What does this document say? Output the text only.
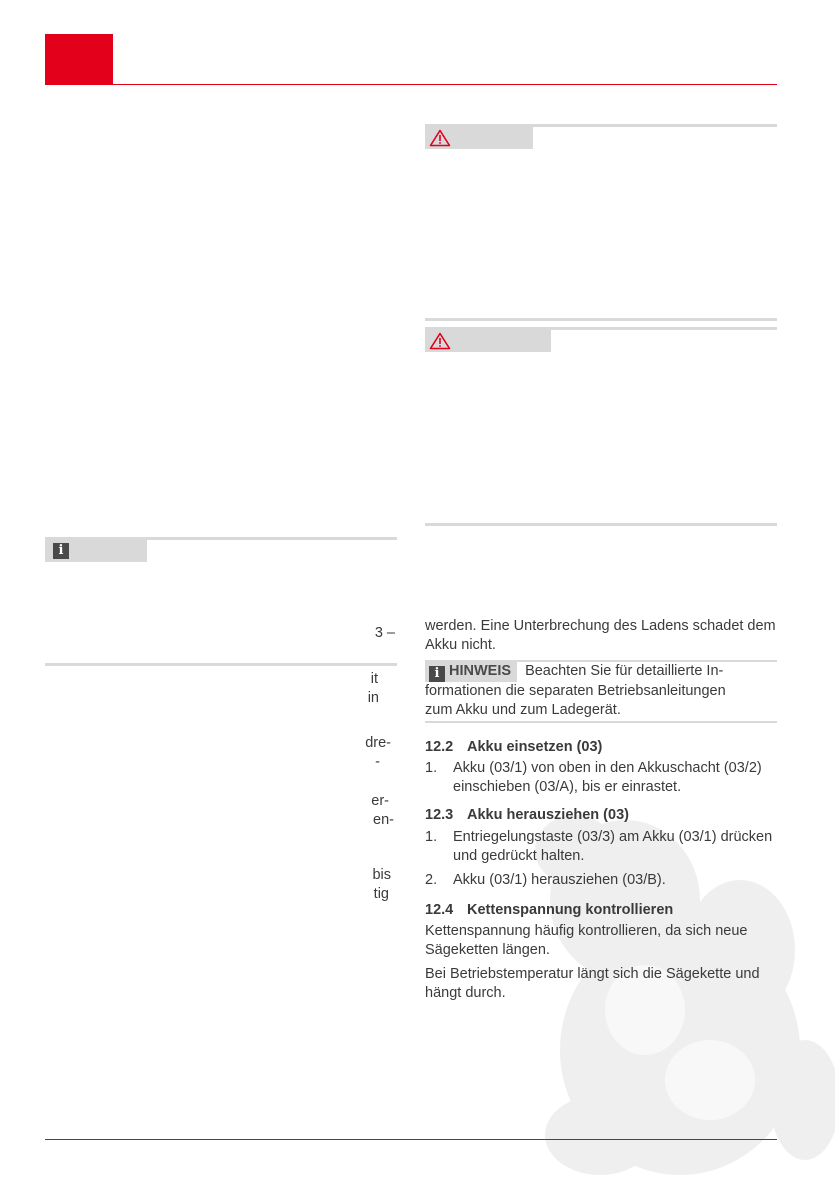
i
3 –
it
in
dre-
-
er-
en-
bis
tig
werden. Eine Unterbrechung des Ladens schadet dem Akku nicht.
i HINWEIS Beachten Sie für detaillierte In-
formationen die separaten Betriebsanleitungen
zum Akku und zum Ladegerät.
12.2 Akku einsetzen (03)
1. Akku (03/1) von oben in den Akkuschacht (03/2) einschieben (03/A), bis er einrastet.
12.3 Akku herausziehen (03)
1. Entriegelungstaste (03/3) am Akku (03/1) drücken und gedrückt halten.
2. Akku (03/1) herausziehen (03/B).
12.4 Kettenspannung kontrollieren
Kettenspannung häufig kontrollieren, da sich neue Sägeketten längen.
Bei Betriebstemperatur längt sich die Sägekette und hängt durch.
